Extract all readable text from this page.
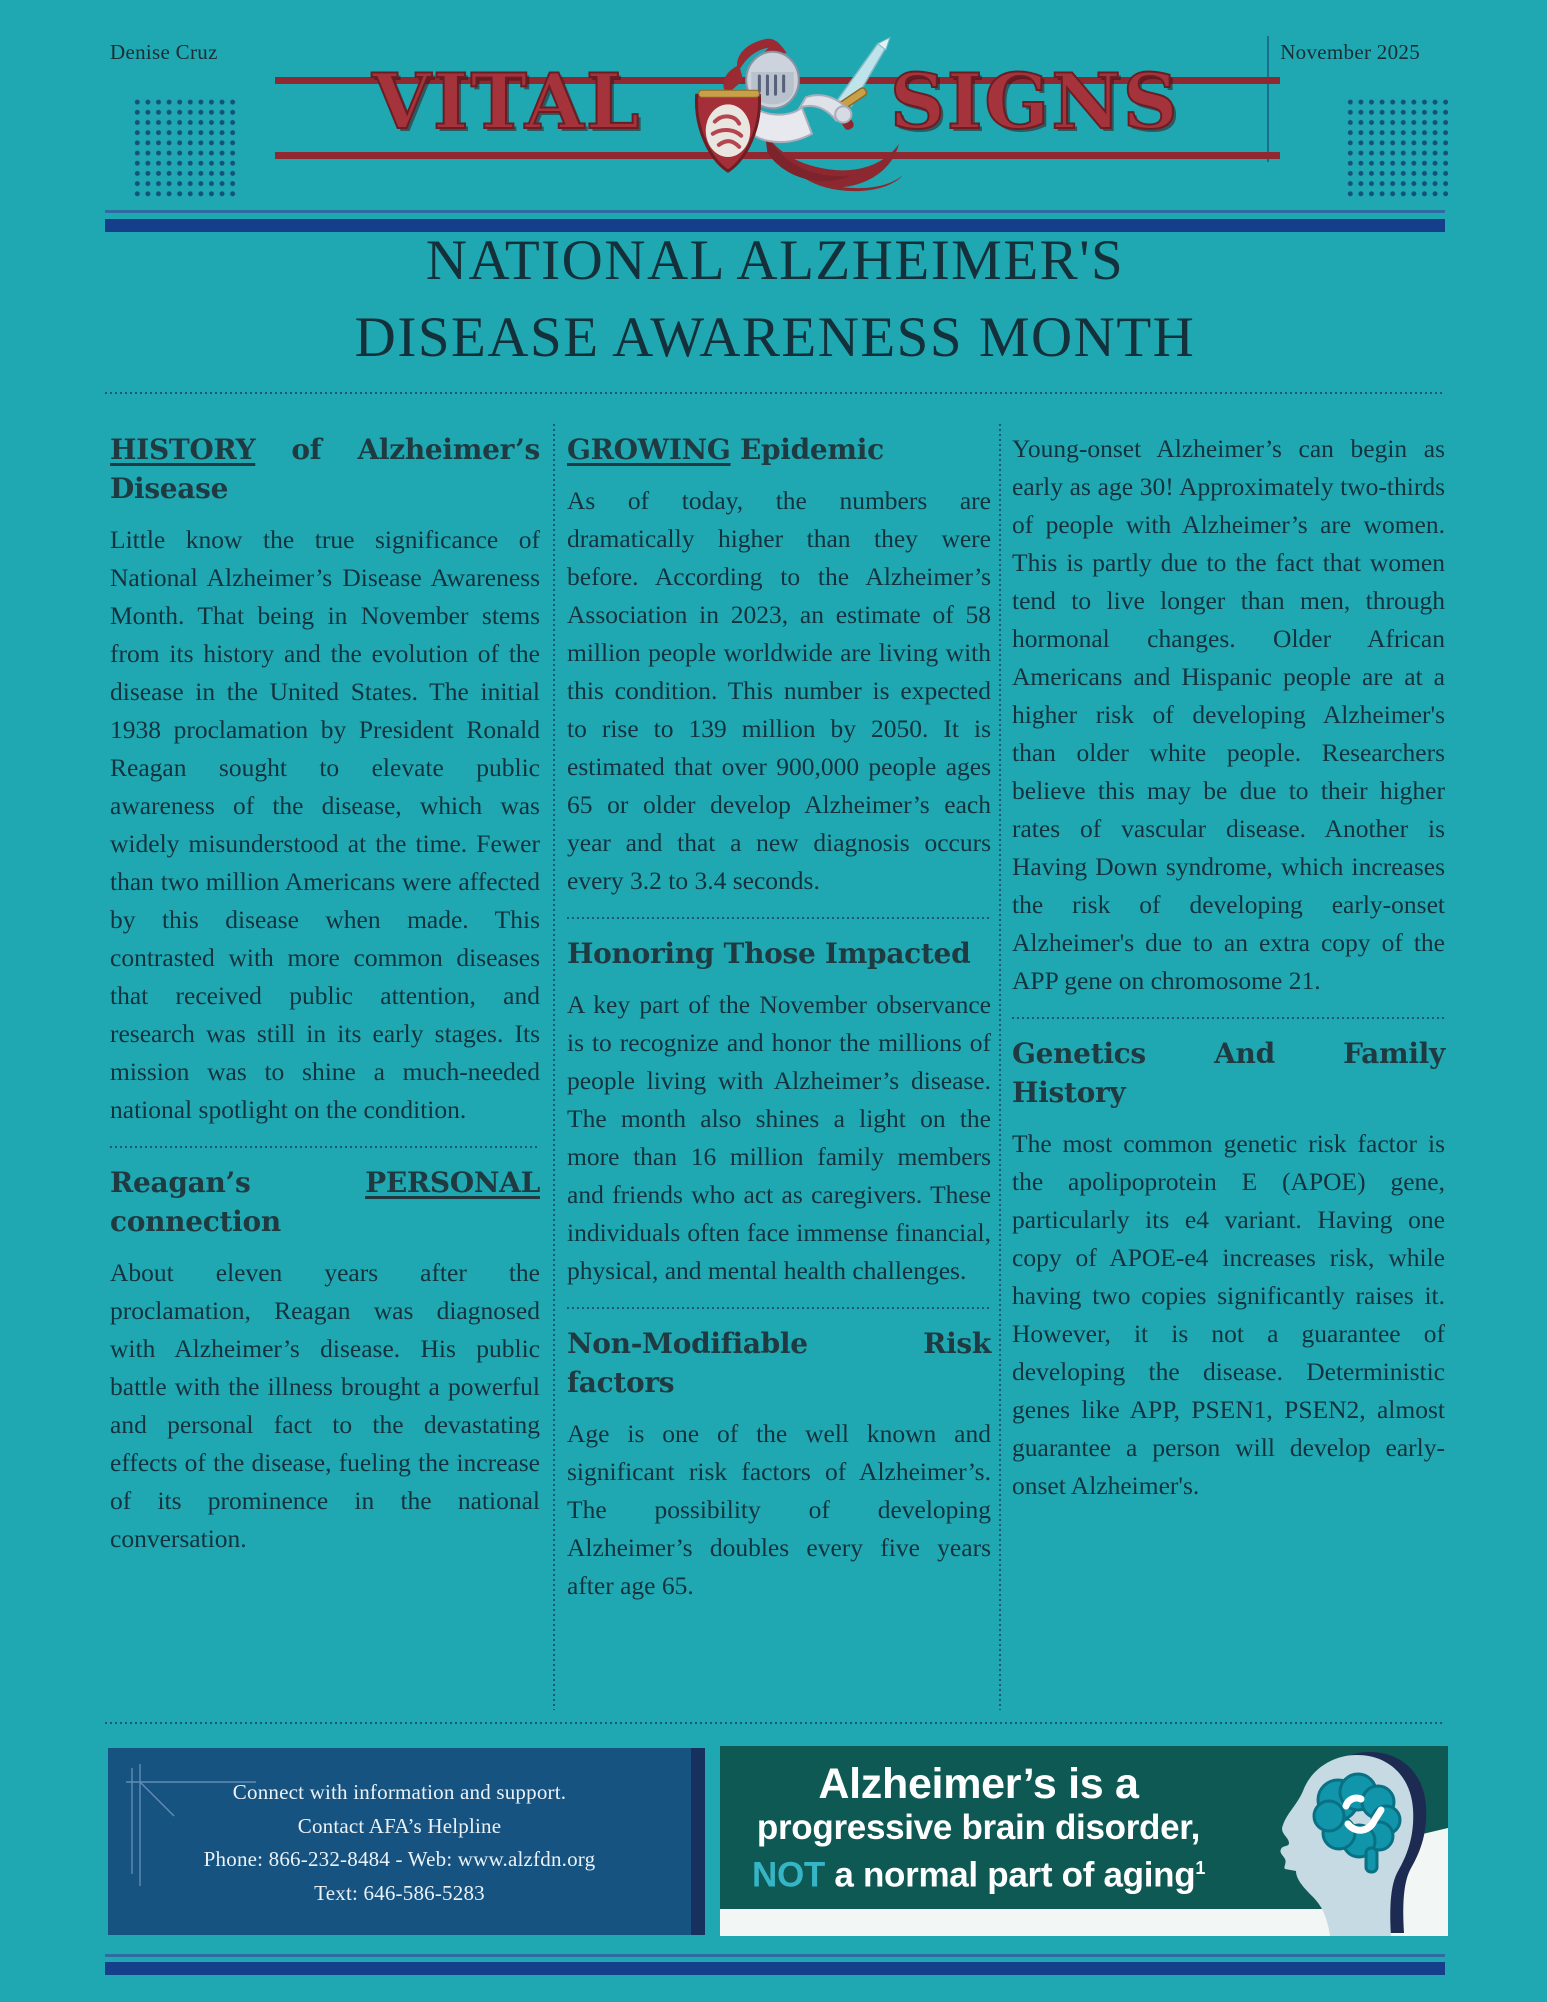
Denise Cruz	November 2025
VITAL	SIGNS
NATIONAL ALZHEIMER'S
DISEASE AWARENESS MONTH
HISTORY of Alzheimer’s Disease

Little know the true significance of National Alzheimer’s Disease Awareness Month. That being in November stems from its history and the evolution of the disease in the United States. The initial 1938 proclamation by President Ronald Reagan sought to elevate public awareness of the disease, which was widely misunderstood at the time. Fewer than two million Americans were affected by this disease when made. This contrasted with more common diseases that received public attention, and research was still in its early stages. Its mission was to shine a much-needed national spotlight on the condition.

Reagan’s PERSONAL connection

About eleven years after the proclamation, Reagan was diagnosed with Alzheimer’s disease. His public battle with the illness brought a powerful and personal fact to the devastating effects of the disease, fueling the increase of its prominence in the national conversation.

GROWING Epidemic

As of today, the numbers are dramatically higher than they were before. According to the Alzheimer’s Association in 2023, an estimate of 58 million people worldwide are living with this condition. This number is expected to rise to 139 million by 2050. It is estimated that over 900,000 people ages 65 or older develop Alzheimer’s each year and that a new diagnosis occurs every 3.2 to 3.4 seconds.

Honoring Those Impacted

A key part of the November observance is to recognize and honor the millions of people living with Alzheimer’s disease. The month also shines a light on the more than 16 million family members and friends who act as caregivers. These individuals often face immense financial, physical, and mental health challenges.

Non-Modifiable Risk factors

Age is one of the well known and significant risk factors of Alzheimer’s. The possibility of developing Alzheimer’s doubles every five years after age 65.

Young-onset Alzheimer’s can begin as early as age 30! Approximately two-thirds of people with Alzheimer’s are women. This is partly due to the fact that women tend to live longer than men, through hormonal changes. Older African Americans and Hispanic people are at a higher risk of developing Alzheimer's than older white people. Researchers believe this may be due to their higher rates of vascular disease. Another is Having Down syndrome, which increases the risk of developing early-onset Alzheimer's due to an extra copy of the APP gene on chromosome 21.

Genetics And Family History

The most common genetic risk factor is the apolipoprotein E (APOE) gene, particularly its e4 variant. Having one copy of APOE-e4 increases risk, while having two copies significantly raises it. However, it is not a guarantee of developing the disease. Deterministic genes like APP, PSEN1, PSEN2, almost guarantee a person will develop early-onset Alzheimer's.

Connect with information and support.
Contact AFA’s Helpline
Phone: 866-232-8484 - Web: www.alzfdn.org
Text: 646-586-5283
Alzheimer’s is a
progressive brain disorder,
NOT a normal part of aging$^1$
